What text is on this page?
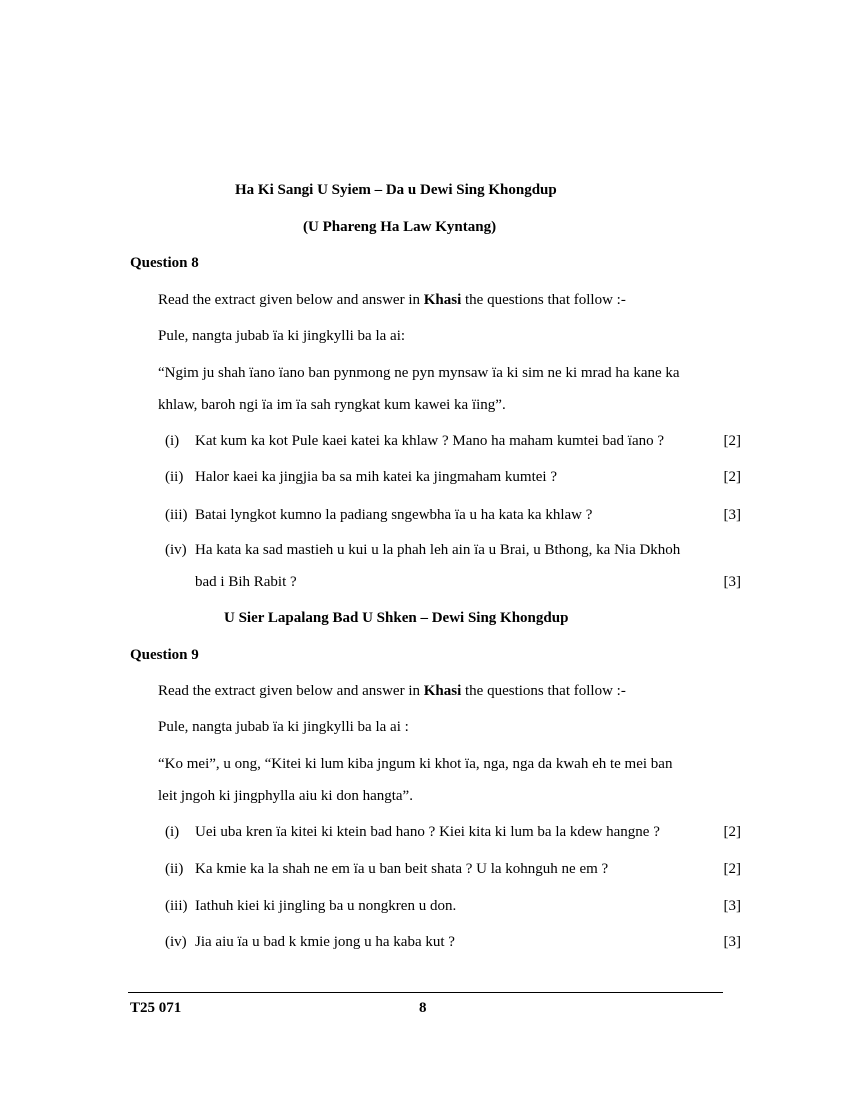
Ha Ki Sangi U Syiem – Da u Dewi Sing Khongdup
(U Phareng Ha Law Kyntang)
Question 8
Read the extract given below and answer in Khasi the questions that follow :-
Pule, nangta jubab ïa ki jingkylli ba la ai:
“Ngim ju shah ïano ïano ban pynmong ne pyn mynsaw ïa ki sim ne ki mrad ha kane ka
khlaw, baroh ngi ïa im ïa sah ryngkat kum kawei ka ïing”.
(i) Kat kum ka kot Pule kaei katei ka khlaw ? Mano ha maham kumtei bad ïano ?	[2]
(ii) Halor kaei ka jingjia ba sa mih katei ka jingmaham kumtei ?	[2]
(iii) Batai lyngkot kumno la padiang sngewbha ïa u ha kata ka khlaw ?	[3]
(iv) Ha kata ka sad mastieh u kui u la phah leh ain ïa u Brai, u Bthong, ka Nia Dkhoh
bad i Bih Rabit ?	[3]
U Sier Lapalang Bad U Shken – Dewi Sing Khongdup
Question 9
Read the extract given below and answer in Khasi the questions that follow :-
Pule, nangta jubab ïa ki jingkylli ba la ai :
“Ko mei”, u ong, “Kitei ki lum kiba jngum ki khot ïa, nga, nga da kwah eh te mei ban
leit jngoh ki jingphylla aiu ki don hangta”.
(i) Uei uba kren ïa kitei ki ktein bad hano ? Kiei kita ki lum ba la kdew hangne ?	[2]
(ii) Ka kmie ka la shah ne em ïa u ban beit shata ? U la kohnguh ne em ?	[2]
(iii) Iathuh kiei ki jingling ba u nongkren u don.	[3]
(iv) Jia aiu ïa u bad k kmie jong u ha kaba kut ?	[3]
T25 071	8
